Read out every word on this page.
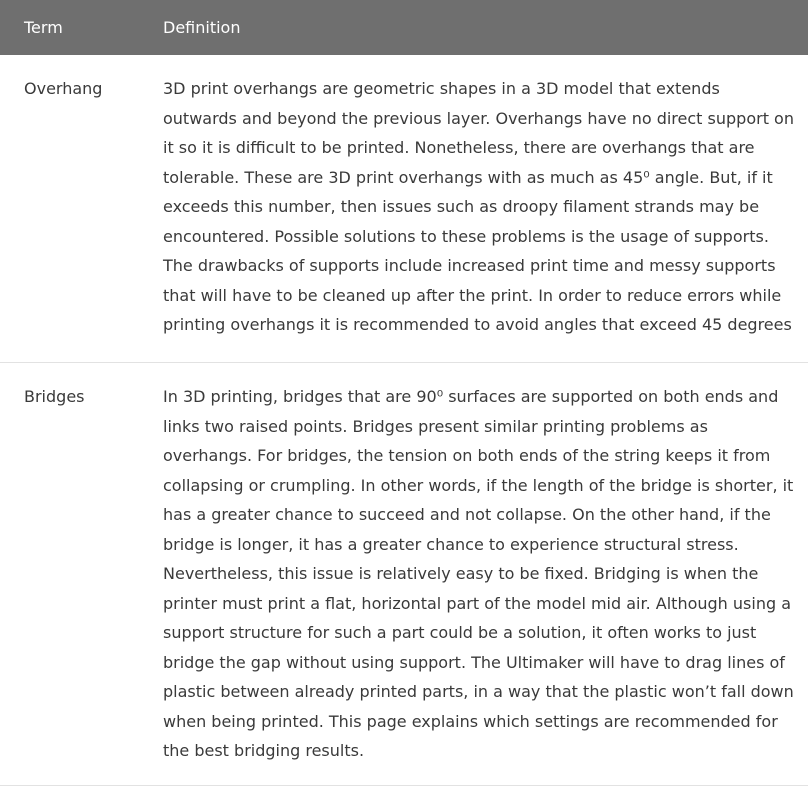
Term	Definition
Overhang	3D print overhangs are geometric shapes in a 3D model that extends outwards and beyond the previous layer. Overhangs have no direct support on it so it is difficult to be printed. Nonetheless, there are overhangs that are tolerable. These are 3D print overhangs with as much as 45⁰ angle. But, if it exceeds this number, then issues such as droopy filament strands may be encountered. Possible solutions to these problems is the usage of supports. The drawbacks of supports include increased print time and messy supports that will have to be cleaned up after the print. In order to reduce errors while printing overhangs it is recommended to avoid angles that exceed 45 degrees
Bridges	In 3D printing, bridges that are 90⁰ surfaces are supported on both ends and links two raised points. Bridges present similar printing problems as overhangs. For bridges, the tension on both ends of the string keeps it from collapsing or crumpling. In other words, if the length of the bridge is shorter, it has a greater chance to succeed and not collapse. On the other hand, if the bridge is longer, it has a greater chance to experience structural stress. Nevertheless, this issue is relatively easy to be fixed. Bridging is when the printer must print a flat, horizontal part of the model mid air. Although using a support structure for such a part could be a solution, it often works to just bridge the gap without using support. The Ultimaker will have to drag lines of plastic between already printed parts, in a way that the plastic won’t fall down when being printed. This page explains which settings are recommended for the best bridging results.
